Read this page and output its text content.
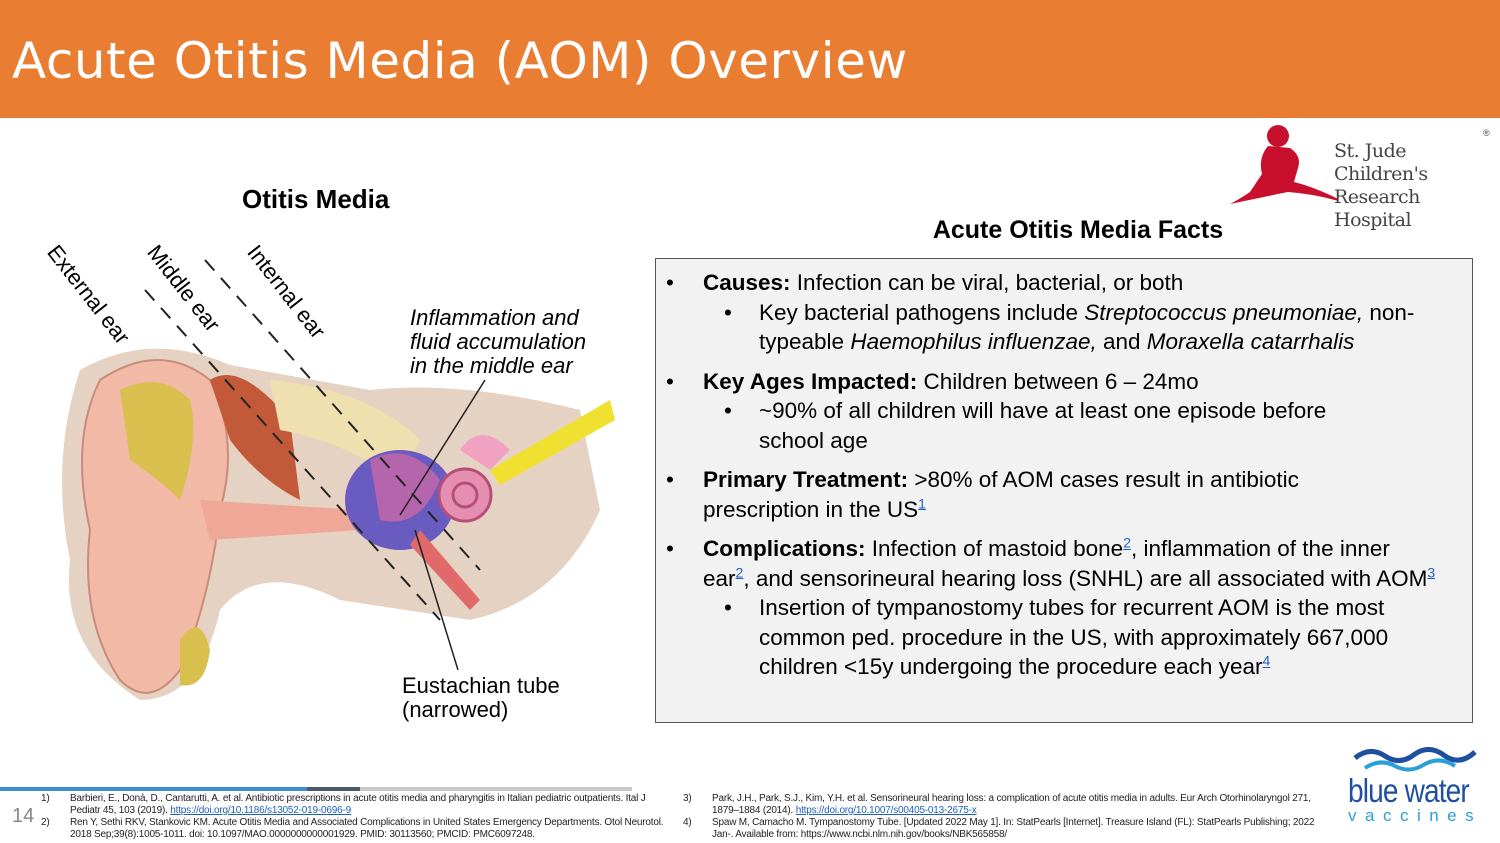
Acute Otitis Media (AOM) Overview
®
St. Jude Children's
Research Hospital
Otitis Media
External ear Middle ear Internal ear	Inflammation and
fluid accumulation
in the middle ear
Eustachian tube
(narrowed)
Acute Otitis Media Facts
• Causes: Infection can be viral, bacterial, or both
• Key bacterial pathogens include Streptococcus pneumoniae, non-typeable Haemophilus influenzae, and Moraxella catarrhalis
• Key Ages Impacted: Children between 6 – 24mo
• ~90% of all children will have at least one episode before school age
• Primary Treatment: >80% of AOM cases result in antibiotic prescription in the $US^1$
• Complications: Infection of mastoid bone$^2$, inflammation of the inner ear$^2$, and sensorineural hearing loss (SNHL) are all associated with AOM$^3$
• Insertion of tympanostomy tubes for recurrent AOM is the most common ped. procedure in the US, with approximately 667,000 children <15y undergoing the procedure each year$^4$
14
1) Barbieri, E., Donà, D., Cantarutti, A. et al. Antibiotic prescriptions in acute otitis media and pharyngitis in Italian pediatric outpatients. Ital J Pediatr 45, 103 (2019). https://doi.org/10.1186/s13052-019-0696-9
2) Ren Y, Sethi RKV, Stankovic KM. Acute Otitis Media and Associated Complications in United States Emergency Departments. Otol Neurotol. 2018 Sep;39(8):1005-1011. doi: 10.1097/MAO.0000000000001929. PMID: 30113560; PMCID: PMC6097248.
3) Park, J.H., Park, S.J., Kim, Y.H. et al. Sensorineural hearing loss: a complication of acute otitis media in adults. Eur Arch Otorhinolaryngol 271, 1879–1884 (2014). https://doi.org/10.1007/s00405-013-2675-x
4) Spaw M, Camacho M. Tympanostomy Tube. [Updated 2022 May 1]. In: StatPearls [Internet]. Treasure Island (FL): StatPearls Publishing; 2022 Jan-. Available from: https://www.ncbi.nlm.nih.gov/books/NBK565858/
blue water
vaccines
